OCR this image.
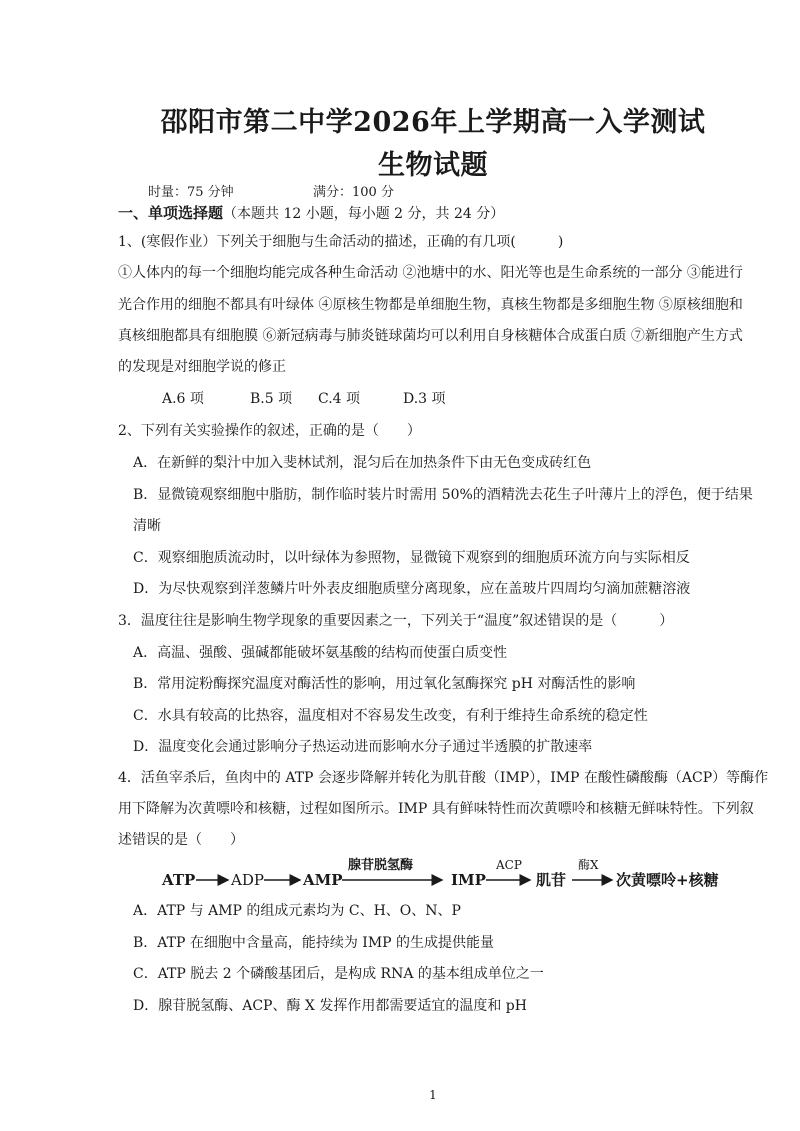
邵阳市第二中学2026年上学期高一入学测试
生物试题
时量：75 分钟	满分：100 分
一、单项选择题（本题共 12 小题，每小题 2 分，共 24 分）
1、(寒假作业）下列关于细胞与生命活动的描述，正确的有几项(　　　)
①人体内的每一个细胞均能完成各种生命活动 ②池塘中的水、阳光等也是生命系统的一部分 ③能进行
光合作用的细胞不都具有叶绿体 ④原核生物都是单细胞生物，真核生物都是多细胞生物 ⑤原核细胞和
真核细胞都具有细胞膜 ⑥新冠病毒与肺炎链球菌均可以利用自身核糖体合成蛋白质 ⑦新细胞产生方式
的发现是对细胞学说的修正
A.6 项	B.5 项 C.4 项	D.3 项
2、下列有关实验操作的叙述，正确的是（　　）
A．在新鲜的梨汁中加入斐林试剂，混匀后在加热条件下由无色变成砖红色
B．显微镜观察细胞中脂肪，制作临时装片时需用 50%的酒精洗去花生子叶薄片上的浮色，便于结果
清晰
C．观察细胞质流动时，以叶绿体为参照物，显微镜下观察到的细胞质环流方向与实际相反
D．为尽快观察到洋葱鳞片叶外表皮细胞质壁分离现象，应在盖玻片四周均匀滴加蔗糖溶液
3．温度往往是影响生物学现象的重要因素之一，下列关于“温度”叙述错误的是（　　　）
A．高温、强酸、强碱都能破坏氨基酸的结构而使蛋白质变性
B．常用淀粉酶探究温度对酶活性的影响，用过氧化氢酶探究 pH 对酶活性的影响
C．水具有较高的比热容，温度相对不容易发生改变，有利于维持生命系统的稳定性
D．温度变化会通过影响分子热运动进而影响水分子通过半透膜的扩散速率
4．活鱼宰杀后，鱼肉中的 ATP 会逐步降解并转化为肌苷酸（IMP），IMP 在酸性磷酸酶（ACP）等酶作
用下降解为次黄嘌呤和核糖，过程如图所示。IMP 具有鲜味特性而次黄嘌呤和核糖无鲜味特性。下列叙
述错误的是（　　）
ATP ADP	AMP
腺苷脱氢酶
IMP
ACP
肌苷
酶X
次黄嘌呤+核糖
A．ATP 与 AMP 的组成元素均为 C、H、O、N、P
B．ATP 在细胞中含量高，能持续为 IMP 的生成提供能量
C．ATP 脱去 2 个磷酸基团后，是构成 RNA 的基本组成单位之一
D．腺苷脱氢酶、ACP、酶 X 发挥作用都需要适宜的温度和 pH
1
